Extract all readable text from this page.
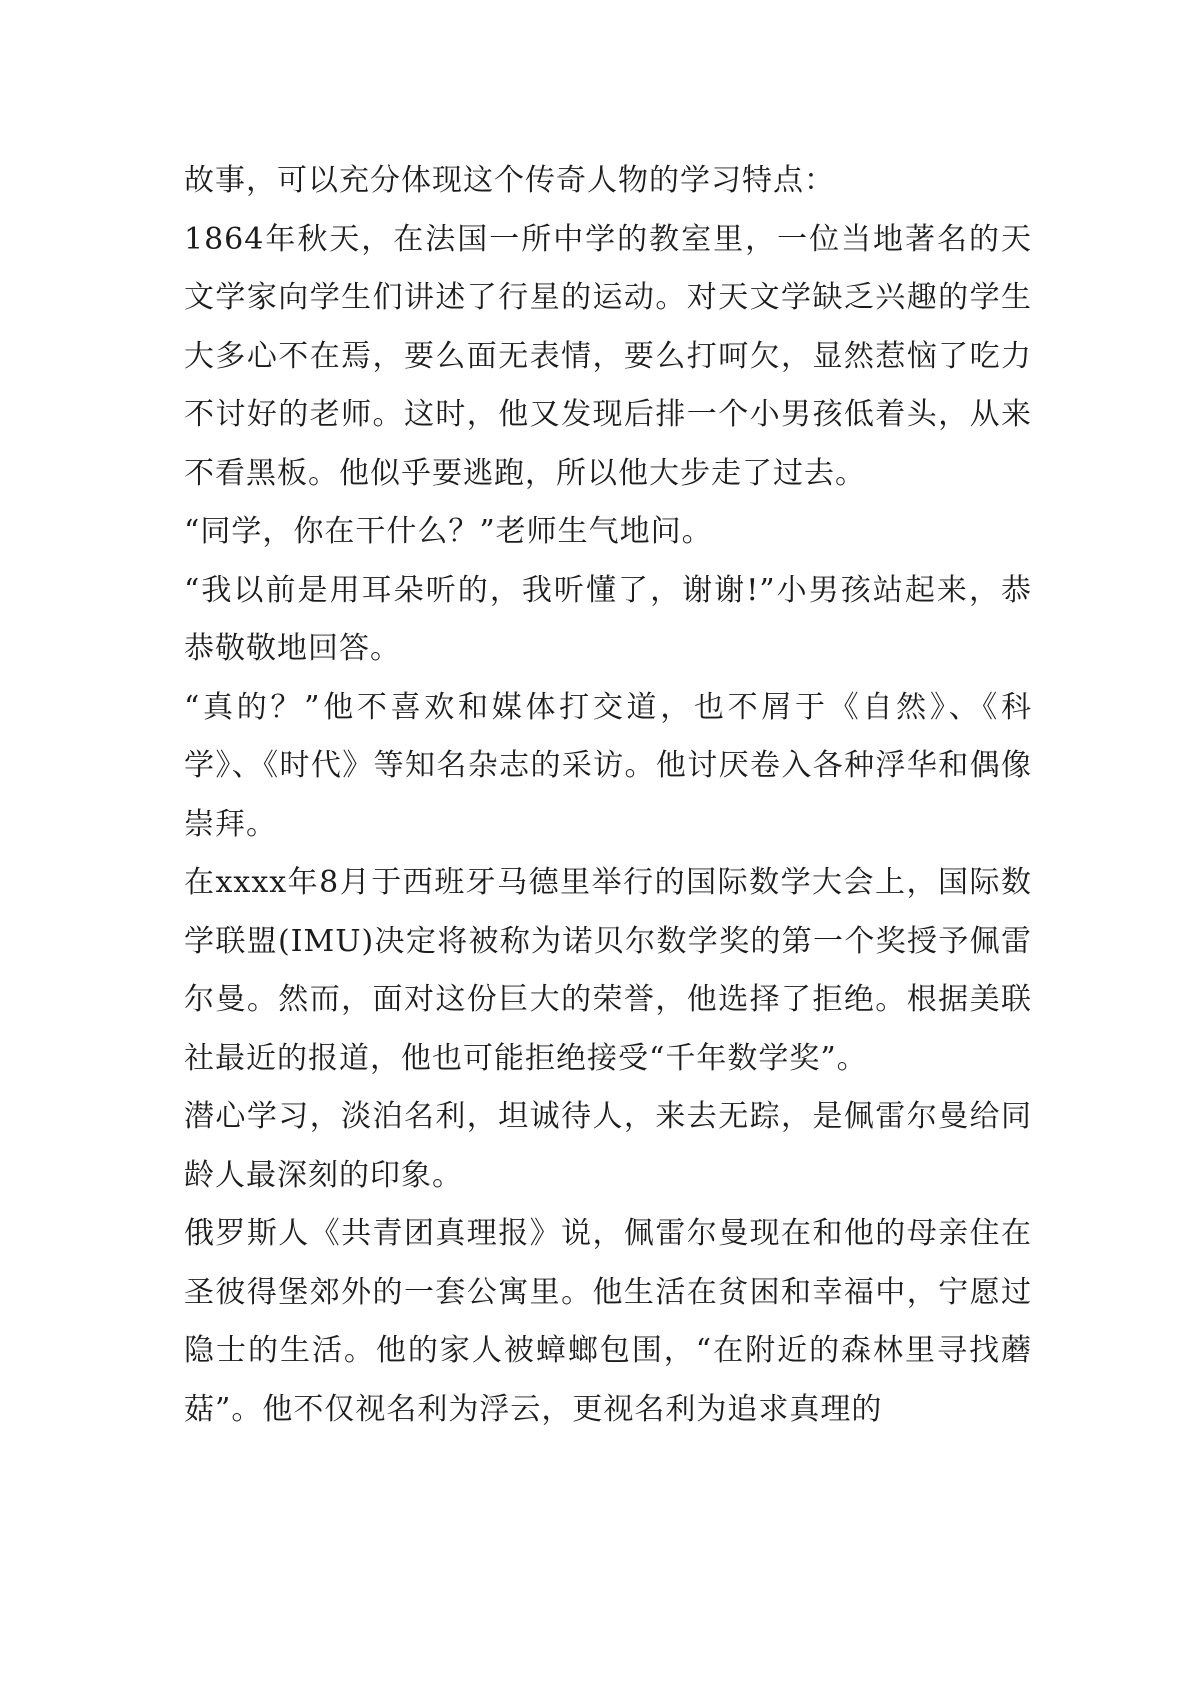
故事，可以充分体现这个传奇人物的学习特点：

1864年秋天，在法国一所中学的教室里，一位当地著名的天文学家向学生们讲述了行星的运动。对天文学缺乏兴趣的学生大多心不在焉，要么面无表情，要么打呵欠，显然惹恼了吃力不讨好的老师。这时，他又发现后排一个小男孩低着头，从来不看黑板。他似乎要逃跑，所以他大步走了过去。

“同学，你在干什么？”老师生气地问。

“我以前是用耳朵听的，我听懂了，谢谢!”小男孩站起来，恭恭敬敬地回答。

“真的？”他不喜欢和媒体打交道，也不屑于《自然》、《科学》、《时代》等知名杂志的采访。他讨厌卷入各种浮华和偶像崇拜。

在xxxx年8月于西班牙马德里举行的国际数学大会上，国际数学联盟(IMU)决定将被称为诺贝尔数学奖的第一个奖授予佩雷尔曼。然而，面对这份巨大的荣誉，他选择了拒绝。根据美联社最近的报道，他也可能拒绝接受“千年数学奖”。

潜心学习，淡泊名利，坦诚待人，来去无踪，是佩雷尔曼给同龄人最深刻的印象。

俄罗斯人《共青团真理报》说，佩雷尔曼现在和他的母亲住在圣彼得堡郊外的一套公寓里。他生活在贫困和幸福中，宁愿过隐士的生活。他的家人被蟑螂包围，“在附近的森林里寻找蘑菇”。他不仅视名利为浮云，更视名利为追求真理的
